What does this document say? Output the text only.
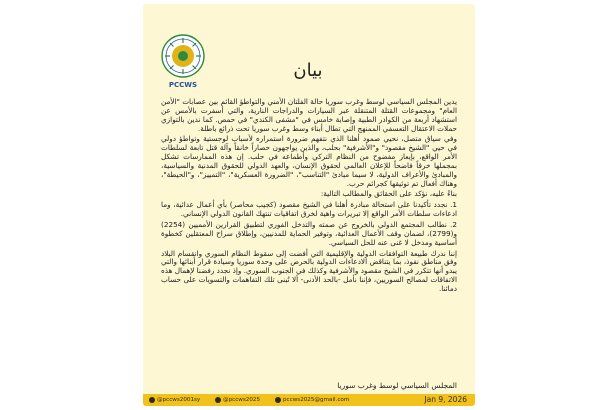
PCCWS
بيان

يدين المجلس السياسي لوسط وغرب سوريا حالة الفلتان الأمني والتواطؤ القائم بين عصابات "الأمن العام" ومجموعات القتلة المتنقلة عبر السيارات والدراجات النارية، والتي أسفرت بالأمس عن استشهاد أربعة من الكوادر الطبية وإصابة خامس في "مشفى الكندي" في حمص. كما ندين بالتوازي حملات الاعتقال التعسفي الممنهج التي تطال أبناء وسط وغرب سوريا تحت ذرائع باطلة.

وفي سياق متصل، نحيي صمود أهلنا الذي نتفهم ضرورة استمراره لأسباب لوجستية وتواطؤ دولي في حيي "الشيخ مقصود" و"الأشرفية" بحلب، والذين يواجهون حصاراً خانقاً وآلة قتل تابعة لسلطات الأمر الواقع، بإيعاز مفضوح من النظام التركي وأطماعه في حلب. إن هذه الممارسات تشكل بمجملها خرقاً فاضحاً للإعلان العالمي لحقوق الإنسان، والعهد الدولي للحقوق المدنية والسياسية، والمبادئ والأعراف الدولية، لا سيما مبادئ "التناسب"، "الضرورة العسكرية"، "التمييز"، و"الحيطة"، وهناك أفعال تم توثيقها كجرائم حرب.

بناءً عليه، نؤكد على الحقائق والمطالب التالية:

1. نجدد تأكيدنا على استحالة مبادرة أهلنا في الشيخ مقصود (كجيب محاصر) بأي أعمال عدائية، وما ادعاءات سلطات الأمر الواقع إلا تبريرات واهية لخرق اتفاقيات تنتهك القانون الدولي الإنساني.

2. نطالب المجتمع الدولي بالخروج عن صمته والتدخل الفوري لتطبيق القرارين الأمميين (2254) و(2799)، لضمان وقف الأعمال العدائية، وتوفير الحماية للمدنيين، وإطلاق سراح المعتقلين كخطوة أساسية ومدخل لا غنى عنه للحل السياسي.

إننا ندرك طبيعة التوافقات الدولية والإقليمية التي أفضت إلى سقوط النظام السوري وانقسام البلاد وفق مناطق نفوذ، بما يتناقض الادعاءات الدولية بالحرص على وحدة سوريا وسيادة قرار أبنائها والتي يبدو أنها تتكرر في الشيخ مقصود والأشرفية وكذلك في الجنوب السوري. وإذ نجدد رفضنا لإهمال هذه الاتفاقات لمصالح السوريين، فإننا نأمل -بالحد الأدنى- ألا تُبنى تلك التفاهمات والتسويات على حساب دمائنا.

المجلس السياسي لوسط وغرب سوريا
@pccws2001sy	@pccws2025	pccws2025@gmail.com	Jan 9, 2026
